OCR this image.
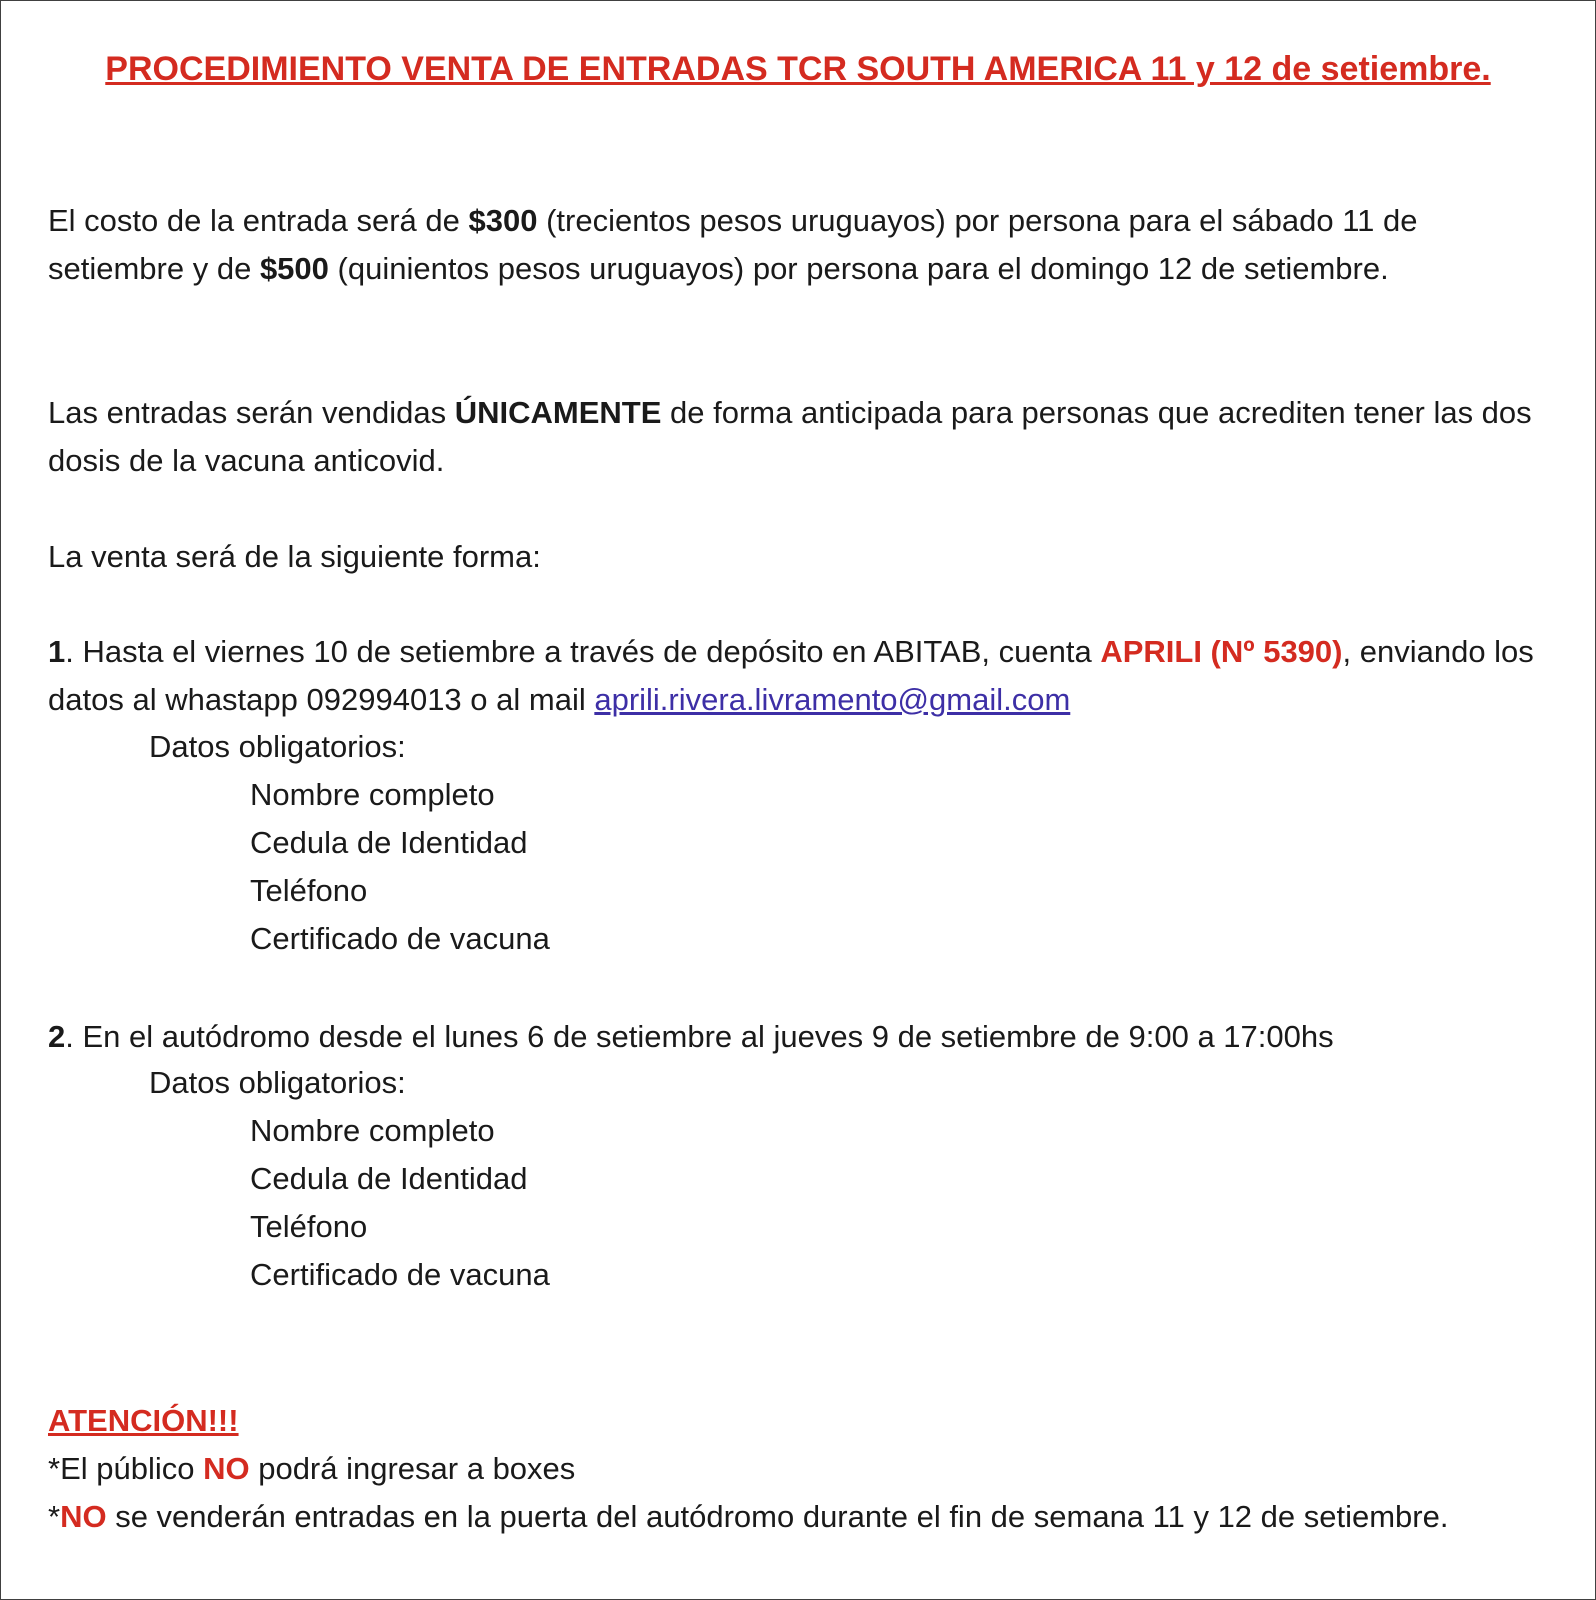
PROCEDIMIENTO VENTA DE ENTRADAS TCR SOUTH AMERICA 11 y 12 de setiembre.

El costo de la entrada será de $300 (trecientos pesos uruguayos) por persona para el sábado 11 de setiembre y de $500 (quinientos pesos uruguayos) por persona para el domingo 12 de setiembre.

Las entradas serán vendidas ÚNICAMENTE de forma anticipada para personas que acrediten tener las dos dosis de la vacuna anticovid.

La venta será de la siguiente forma:

1. Hasta el viernes 10 de setiembre a través de depósito en ABITAB, cuenta APRILI (Nº 5390), enviando los datos al whastapp 092994013 o al mail aprili.rivera.livramento@gmail.com

Datos obligatorios:

Nombre completo

Cedula de Identidad

Teléfono

Certificado de vacuna

2. En el autódromo desde el lunes 6 de setiembre al jueves 9 de setiembre de 9:00 a 17:00hs

Datos obligatorios:

Nombre completo

Cedula de Identidad

Teléfono

Certificado de vacuna

ATENCIÓN!!!

*El público NO podrá ingresar a boxes

*NO se venderán entradas en la puerta del autódromo durante el fin de semana 11 y 12 de setiembre.
